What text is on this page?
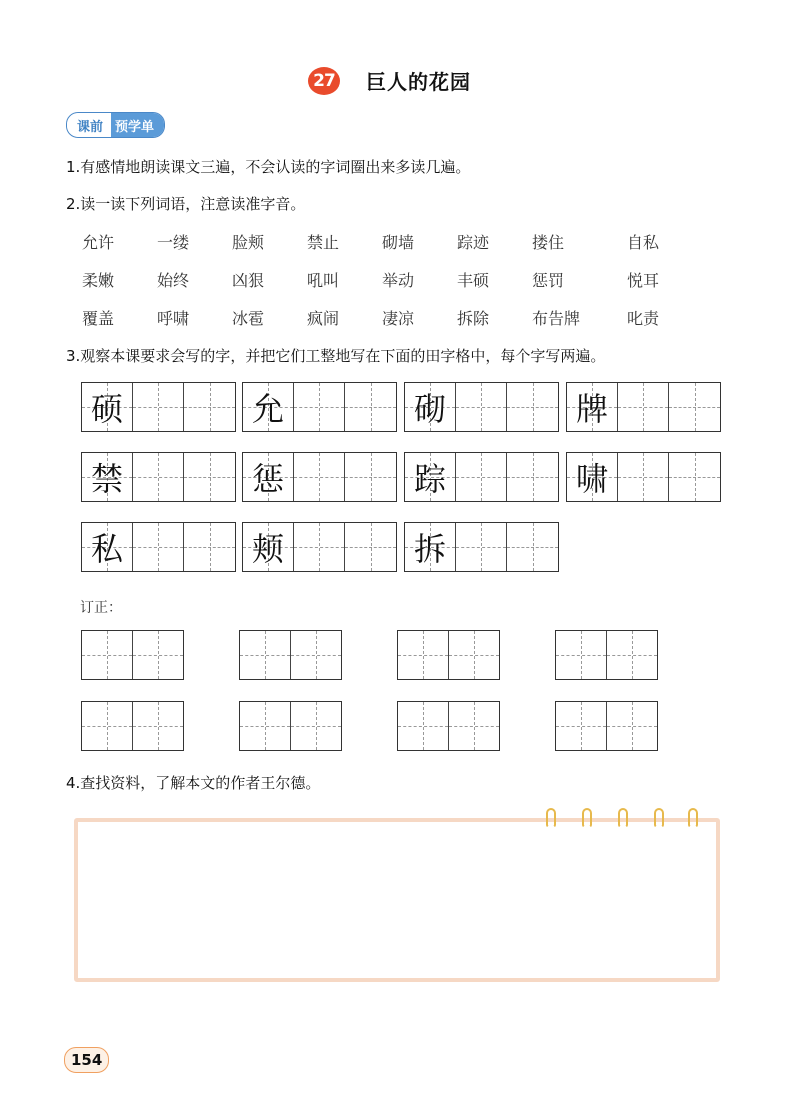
27 巨人的花园
课前 预学单
1.有感情地朗读课文三遍，不会认读的字词圈出来多读几遍。
2.读一读下列词语，注意读准字音。
允许	一缕	脸颊	禁止	砌墙	踪迹	搂住	自私
柔嫩	始终	凶狠	吼叫	举动	丰硕	惩罚	悦耳
覆盖	呼啸	冰雹	疯闹	凄凉	拆除	布告牌	叱责
3.观察本课要求会写的字，并把它们工整地写在下面的田字格中，每个字写两遍。
硕	允	砌	牌
禁	惩	踪	啸
私	颊	拆
订正：
4.查找资料，了解本文的作者王尔德。
154
